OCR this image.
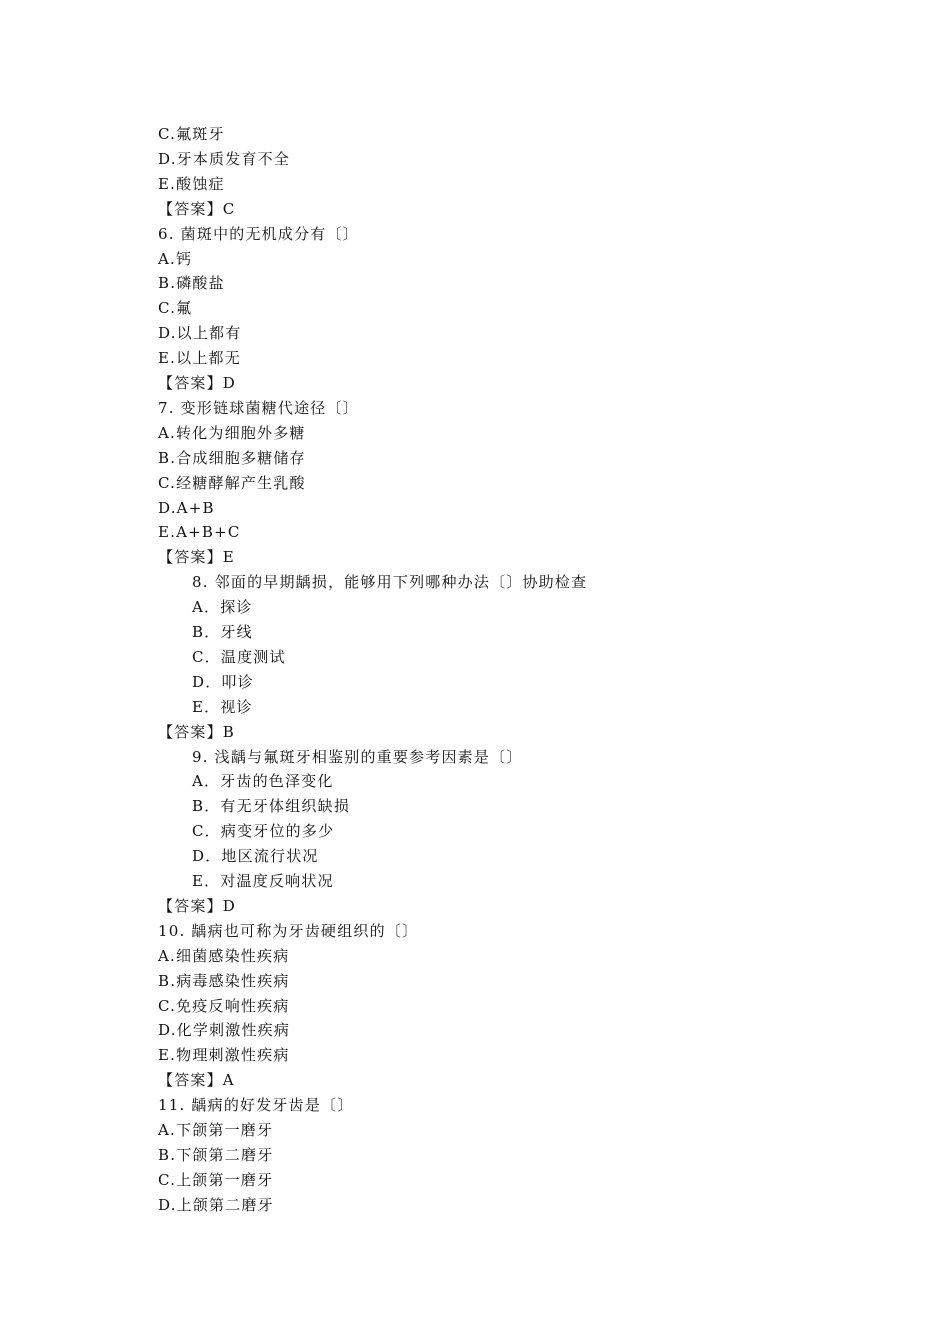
C.氟斑牙
D.牙本质发育不全
E.酸蚀症
【答案】C
6. 菌斑中的无机成分有〔〕
A.钙
B.磷酸盐
C.氟
D.以上都有
E.以上都无
【答案】D
7. 变形链球菌糖代途径〔〕
A.转化为细胞外多糖
B.合成细胞多糖储存
C.经糖酵解产生乳酸
D.A+B
E.A+B+C
【答案】E
8. 邻面的早期龋损，能够用下列哪种办法〔〕协助检查
A．探诊
B．牙线
C．温度测试
D．叩诊
E．视诊
【答案】B
9. 浅龋与氟斑牙相鉴别的重要参考因素是〔〕
A．牙齿的色泽变化
B．有无牙体组织缺损
C．病变牙位的多少
D．地区流行状况
E．对温度反响状况
【答案】D
10. 龋病也可称为牙齿硬组织的〔〕
A.细菌感染性疾病
B.病毒感染性疾病
C.免疫反响性疾病
D.化学刺激性疾病
E.物理刺激性疾病
【答案】A
11. 龋病的好发牙齿是〔〕
A.下颌第一磨牙
B.下颌第二磨牙
C.上颌第一磨牙
D.上颌第二磨牙
